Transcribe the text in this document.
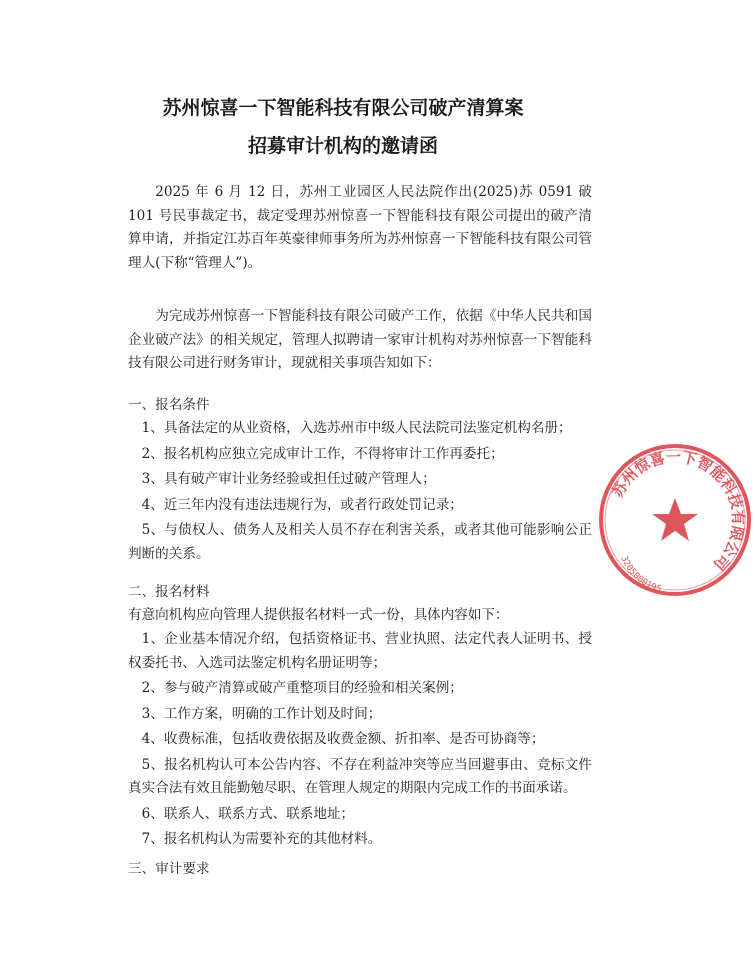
苏州惊喜一下智能科技有限公司破产清算案
招募审计机构的邀请函

2025 年 6 月 12 日，苏州工业园区人民法院作出(2025)苏 0591 破 101 号民事裁定书，裁定受理苏州惊喜一下智能科技有限公司提出的破产清算申请，并指定江苏百年英豪律师事务所为苏州惊喜一下智能科技有限公司管理人(下称“管理人”)。

为完成苏州惊喜一下智能科技有限公司破产工作，依据《中华人民共和国企业破产法》的相关规定，管理人拟聘请一家审计机构对苏州惊喜一下智能科技有限公司进行财务审计，现就相关事项告知如下：

一、报名条件

1、具备法定的从业资格，入选苏州市中级人民法院司法鉴定机构名册；
2、报名机构应独立完成审计工作，不得将审计工作再委托；
3、具有破产审计业务经验或担任过破产管理人；
4、近三年内没有违法违规行为，或者行政处罚记录；
5、与债权人、债务人及相关人员不存在利害关系，或者其他可能影响公正判断的关系。

二、报名材料

有意向机构应向管理人提供报名材料一式一份，具体内容如下：

1、企业基本情况介绍，包括资格证书、营业执照、法定代表人证明书、授权委托书、入选司法鉴定机构名册证明等；
2、参与破产清算或破产重整项目的经验和相关案例；
3、工作方案，明确的工作计划及时间；
4、收费标准，包括收费依据及收费金额、折扣率、是否可协商等；
5、报名机构认可本公告内容、不存在利益冲突等应当回避事由、竞标文件真实合法有效且能勤勉尽职、在管理人规定的期限内完成工作的书面承诺。
6、联系人、联系方式、联系地址；
7、报名机构认为需要补充的其他材料。

三、审计要求

苏州惊喜一下智能科技有限公司
3205000195
